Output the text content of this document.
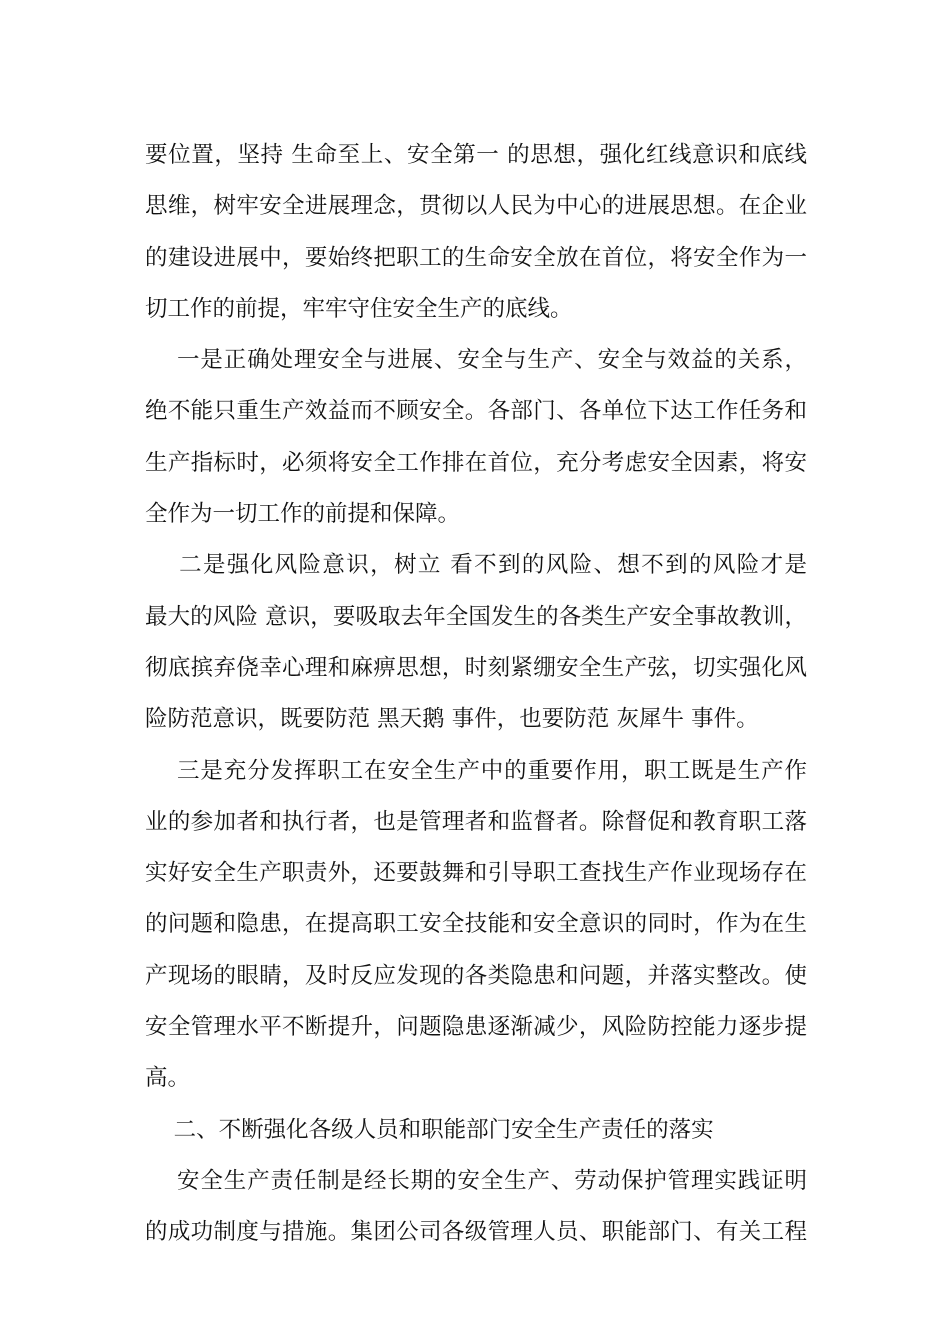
要位置，坚持 生命至上、安全第一 的思想，强化红线意识和底线
思维，树牢安全进展理念，贯彻以人民为中心的进展思想。在企业
的建设进展中，要始终把职工的生命安全放在首位，将安全作为一
切工作的前提，牢牢守住安全生产的底线。
一是正确处理安全与进展、安全与生产、安全与效益的关系，
绝不能只重生产效益而不顾安全。各部门、各单位下达工作任务和
生产指标时，必须将安全工作排在首位，充分考虑安全因素，将安
全作为一切工作的前提和保障。
二是强化风险意识，树立 看不到的风险、想不到的风险才是
最大的风险 意识，要吸取去年全国发生的各类生产安全事故教训，
彻底摈弃侥幸心理和麻痹思想，时刻紧绷安全生产弦，切实强化风
险防范意识，既要防范 黑天鹅 事件，也要防范 灰犀牛 事件。
三是充分发挥职工在安全生产中的重要作用，职工既是生产作
业的参加者和执行者，也是管理者和监督者。除督促和教育职工落
实好安全生产职责外，还要鼓舞和引导职工查找生产作业现场存在
的问题和隐患，在提高职工安全技能和安全意识的同时，作为在生
产现场的眼睛，及时反应发现的各类隐患和问题，并落实整改。使
安全管理水平不断提升，问题隐患逐渐减少，风险防控能力逐步提
高。
二、不断强化各级人员和职能部门安全生产责任的落实
安全生产责任制是经长期的安全生产、劳动保护管理实践证明
的成功制度与措施。集团公司各级管理人员、职能部门、有关工程
